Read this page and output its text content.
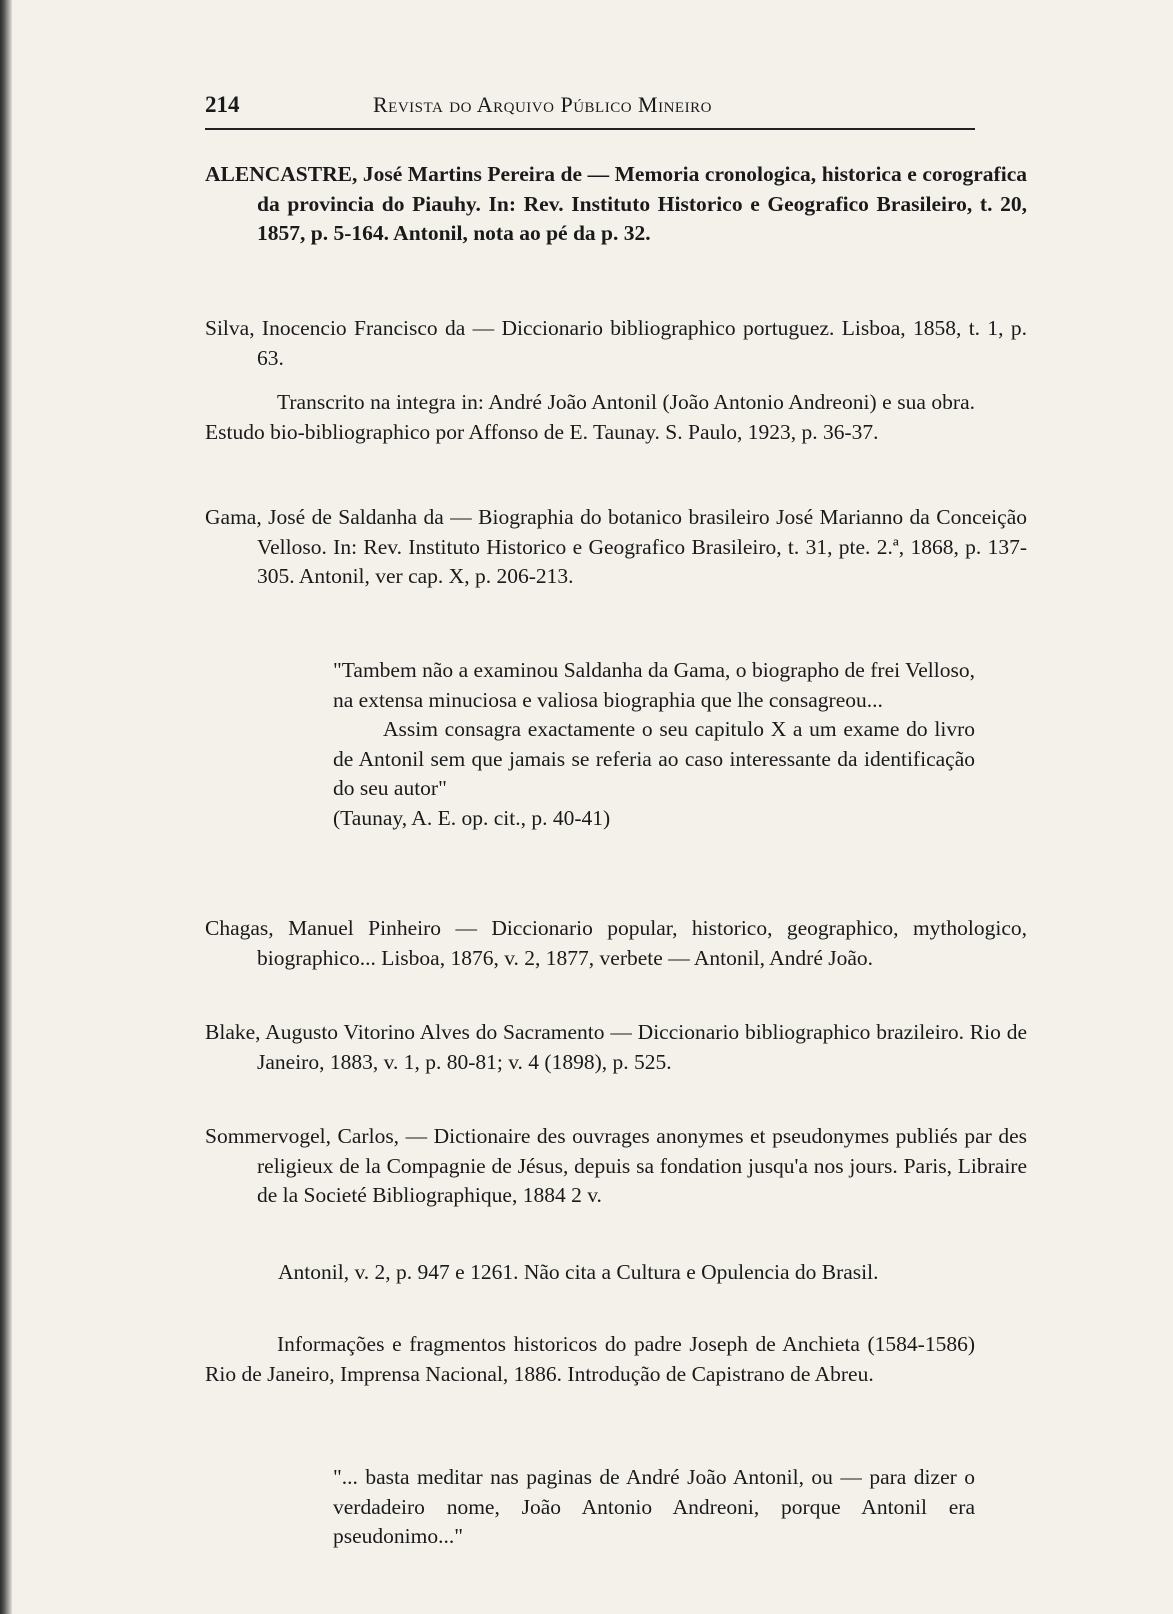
214	Revista do Arquivo Público Mineiro

ALENCASTRE, José Martins Pereira de — Memoria cronologica, historica e corografica da provincia do Piauhy. In: Rev. Instituto Historico e Geografico Brasileiro, t. 20, 1857, p. 5-164. Antonil, nota ao pé da p. 32.

Silva, Inocencio Francisco da — Diccionario bibliographico portuguez. Lisboa, 1858, t. 1, p. 63.

Transcrito na integra in: André João Antonil (João Antonio Andreoni) e sua obra. Estudo bio-bibliographico por Affonso de E. Taunay. S. Paulo, 1923, p. 36-37.

Gama, José de Saldanha da — Biographia do botanico brasileiro José Marianno da Conceição Velloso. In: Rev. Instituto Historico e Geografico Brasileiro, t. 31, pte. 2.ª, 1868, p. 137-305. Antonil, ver cap. X, p. 206-213.

"Tambem não a examinou Saldanha da Gama, o biographo de frei Velloso, na extensa minuciosa e valiosa biographia que lhe consagreou...

Assim consagra exactamente o seu capitulo X a um exame do livro de Antonil sem que jamais se referia ao caso interessante da identificação do seu autor"

(Taunay, A. E. op. cit., p. 40-41)

Chagas, Manuel Pinheiro — Diccionario popular, historico, geographico, mythologico, biographico... Lisboa, 1876, v. 2, 1877, verbete — Antonil, André João.

Blake, Augusto Vitorino Alves do Sacramento — Diccionario bibliographico brazileiro. Rio de Janeiro, 1883, v. 1, p. 80-81; v. 4 (1898), p. 525.

Sommervogel, Carlos, — Dictionaire des ouvrages anonymes et pseudonymes publiés par des religieux de la Compagnie de Jésus, depuis sa fondation jusqu'a nos jours. Paris, Libraire de la Societé Bibliographique, 1884 2 v.

Antonil, v. 2, p. 947 e 1261. Não cita a Cultura e Opulencia do Brasil.

Informações e fragmentos historicos do padre Joseph de Anchieta (1584-1586) Rio de Janeiro, Imprensa Nacional, 1886. Introdução de Capistrano de Abreu.

"... basta meditar nas paginas de André João Antonil, ou — para dizer o verdadeiro nome, João Antonio Andreoni, porque Antonil era pseudonimo..."
